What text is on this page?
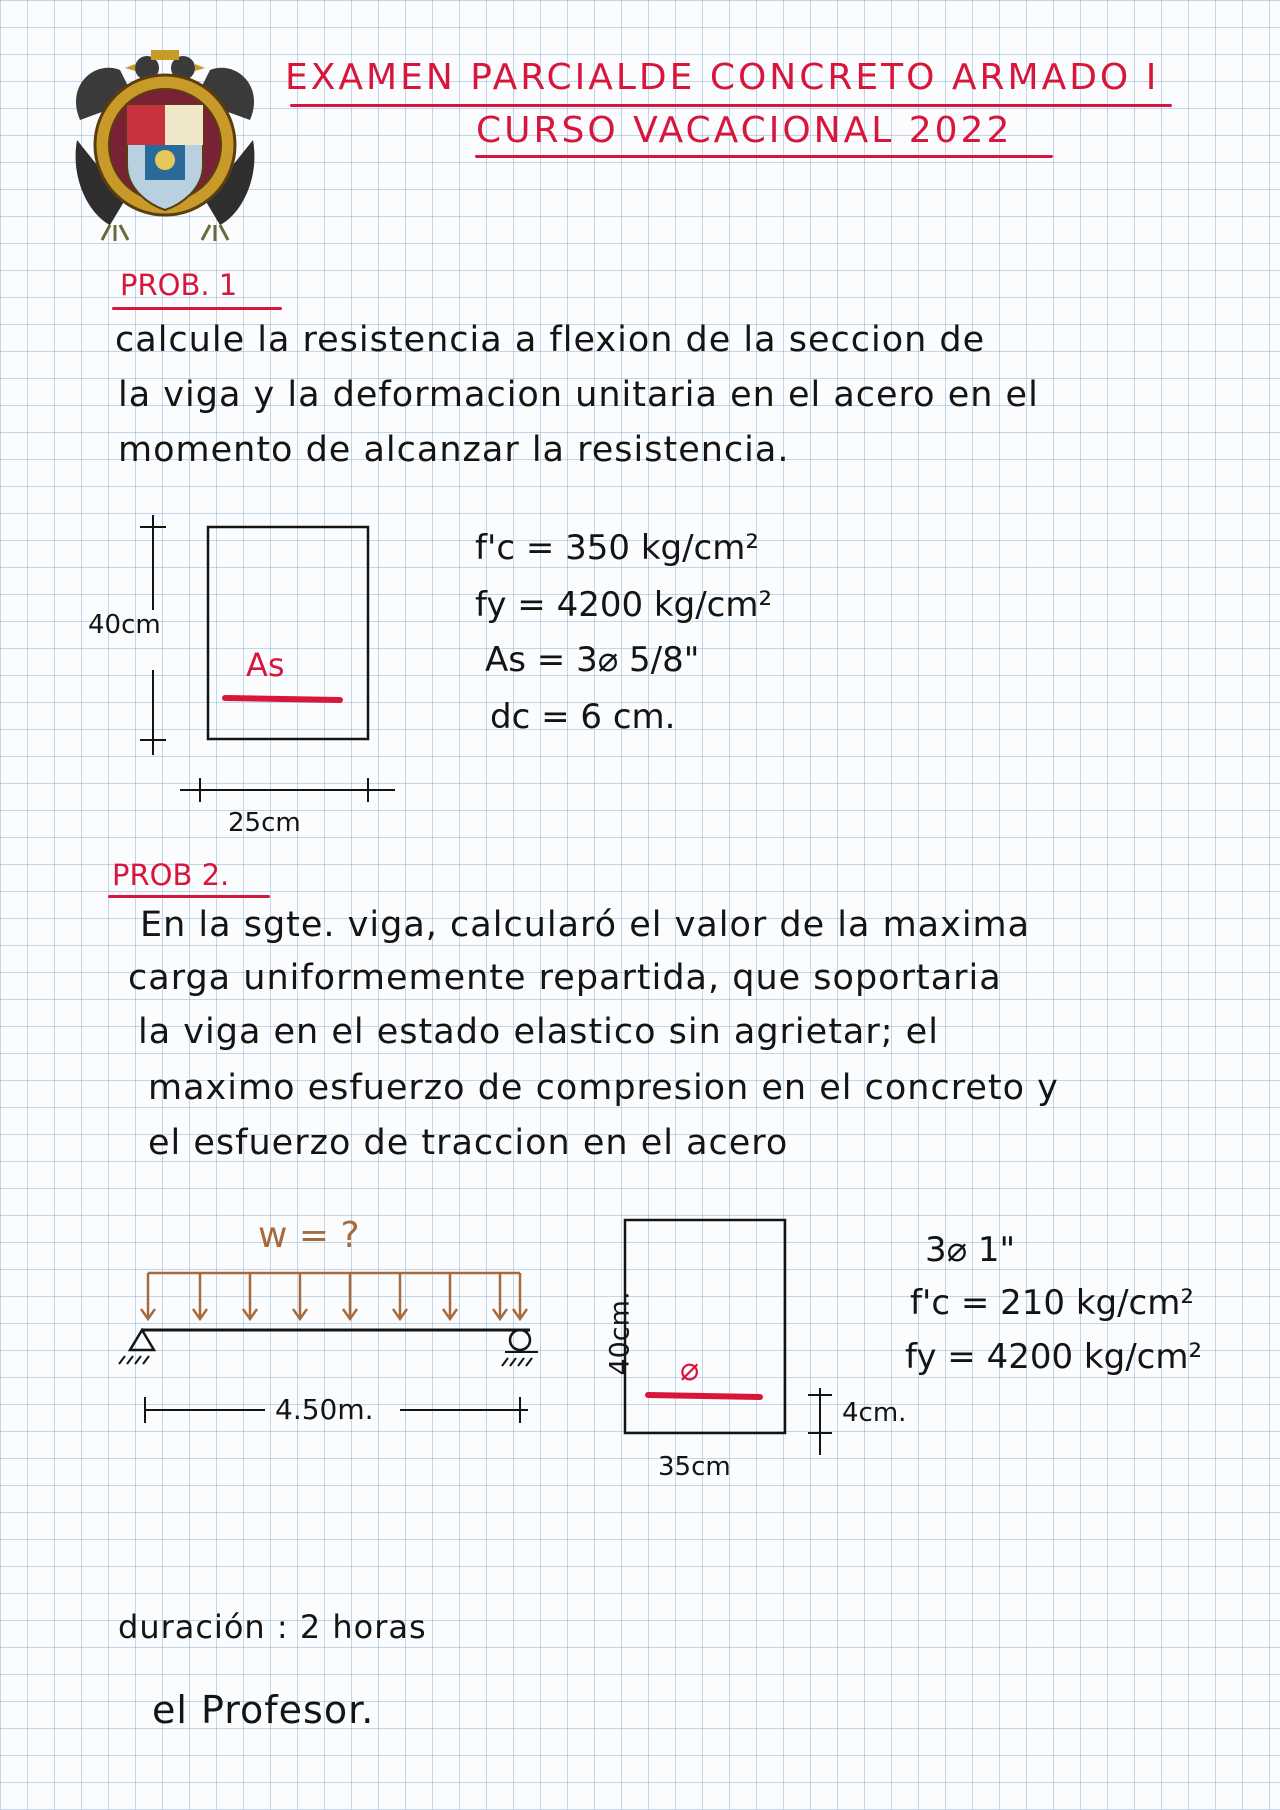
EXAMEN PARCIALDE CONCRETO ARMADO I
CURSO VACACIONAL 2022
PROB. 1
calcule la resistencia a flexion de la seccion de
la viga y la deformacion unitaria en el acero en el
momento de alcanzar la resistencia.
40cm
25cm
As
f'c = 350 kg/cm²
fy = 4200 kg/cm²
As = 3⌀ 5/8"
dc = 6 cm.
PROB 2.
En la sgte. viga, calcularó el valor de la maxima
carga uniformemente repartida, que soportaria
la viga en el estado elastico sin agrietar; el
maximo esfuerzo de compresion en el concreto y
el esfuerzo de traccion en el acero
w = ?
4.50m.
40cm.
35cm
⌀
4cm.
3⌀ 1"
f'c = 210 kg/cm²
fy = 4200 kg/cm²
duración : 2 horas
el Profesor.
